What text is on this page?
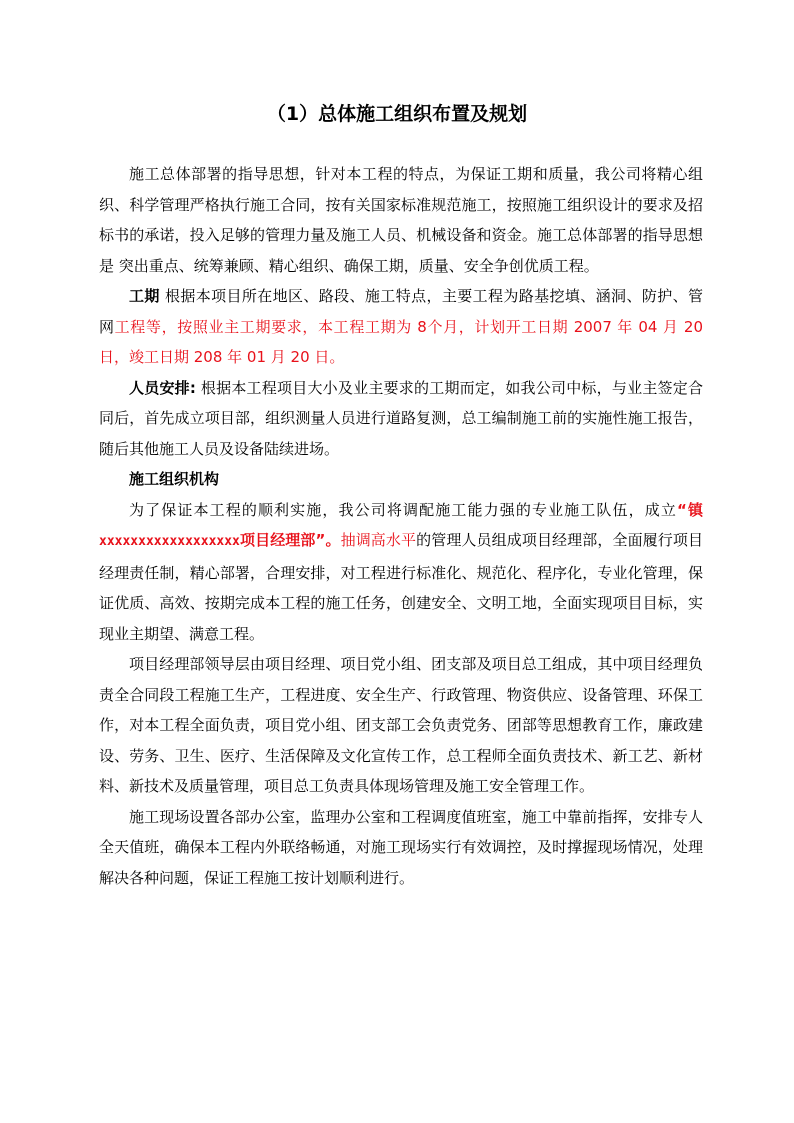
（1）总体施工组织布置及规划

施工总体部署的指导思想，针对本工程的特点，为保证工期和质量，我公司将精心组织、科学管理严格执行施工合同，按有关国家标准规范施工，按照施工组织设计的要求及招标书的承诺，投入足够的管理力量及施工人员、机械设备和资金。施工总体部署的指导思想是 突出重点、统筹兼顾、精心组织、确保工期，质量、安全争创优质工程。

工期 根据本项目所在地区、路段、施工特点，主要工程为路基挖填、涵洞、防护、管网工程等，按照业主工期要求，本工程工期为 8个月，计划开工日期 2007 年 04 月 20 日，竣工日期 208 年 01 月 20 日。

人员安排: 根据本工程项目大小及业主要求的工期而定，如我公司中标，与业主签定合同后，首先成立项目部，组织测量人员进行道路复测，总工编制施工前的实施性施工报告，随后其他施工人员及设备陆续进场。

施工组织机构

为了保证本工程的顺利实施，我公司将调配施工能力强的专业施工队伍，成立“镇xxxxxxxxxxxxxxxxxx项目经理部”。抽调高水平的管理人员组成项目经理部，全面履行项目经理责任制，精心部署，合理安排，对工程进行标准化、规范化、程序化，专业化管理，保证优质、高效、按期完成本工程的施工任务，创建安全、文明工地，全面实现项目目标，实现业主期望、满意工程。

项目经理部领导层由项目经理、项目党小组、团支部及项目总工组成，其中项目经理负责全合同段工程施工生产，工程进度、安全生产、行政管理、物资供应、设备管理、环保工作，对本工程全面负责，项目党小组、团支部工会负责党务、团部等思想教育工作，廉政建设、劳务、卫生、医疗、生活保障及文化宣传工作，总工程师全面负责技术、新工艺、新材料、新技术及质量管理，项目总工负责具体现场管理及施工安全管理工作。

施工现场设置各部办公室，监理办公室和工程调度值班室，施工中靠前指挥，安排专人全天值班，确保本工程内外联络畅通，对施工现场实行有效调控，及时撑握现场情况，处理解决各种问题，保证工程施工按计划顺利进行。
